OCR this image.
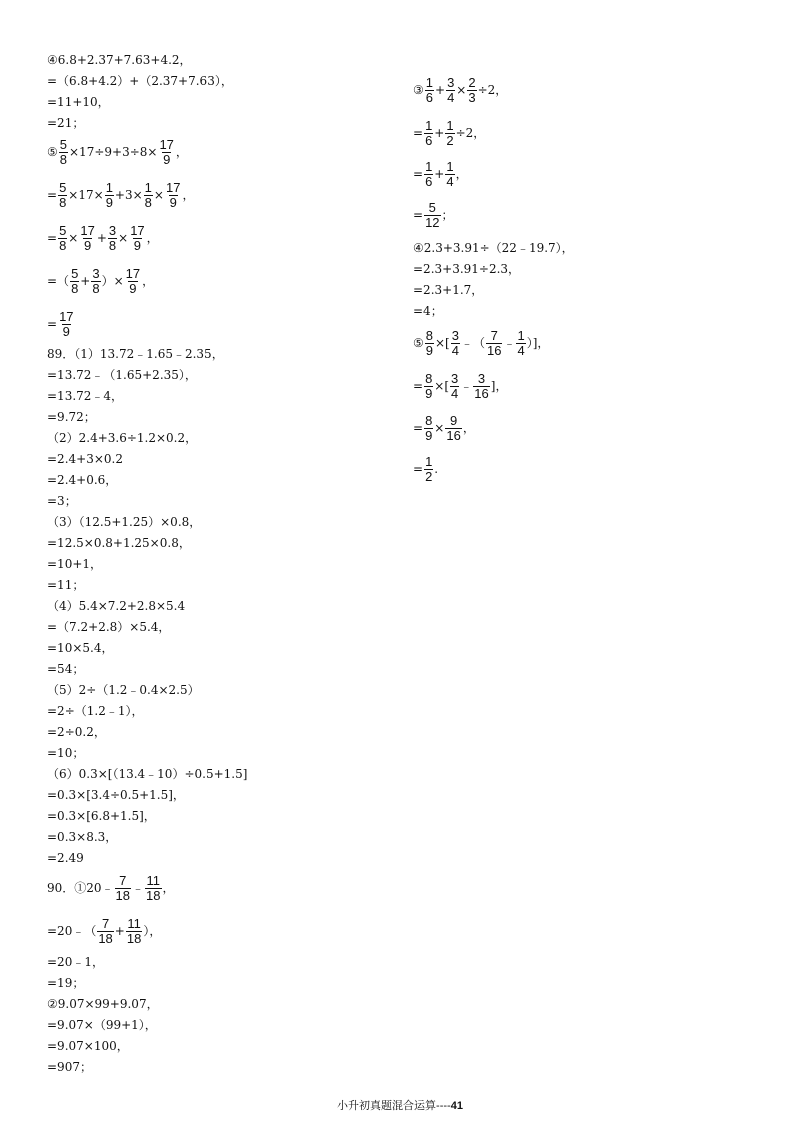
④6.8+2.37+7.63+4.2，
=（6.8+4.2）+（2.37+7.63），
=11+10，
=21；
⑤ $\frac{5}{8} \times 17\div 9+3\div 8\times \frac{17}{9}$ ，
= $\frac{5}{8} \times 17\times \frac{1}{9} +3\times \frac{1}{8} \times \frac{17}{9}$ ，
= $\frac{5}{8} \times \frac{17}{9} + \frac{3}{8} \times \frac{17}{9}$ ，
=（ $\frac{5}{8} + \frac{3}{8}$ ）× $\frac{17}{9}$ ，
= $\frac{17}{9}$
89．（1）13.72﹣1.65﹣2.35，
=13.72﹣（1.65+2.35），
=13.72﹣4，
=9.72；
（2）2.4+3.6÷1.2×0.2，
=2.4+3×0.2
=2.4+0.6，
=3；
（3）（12.5+1.25）×0.8，
=12.5×0.8+1.25×0.8，
=10+1，
=11；
（4）5.4×7.2+2.8×5.4
=（7.2+2.8）×5.4，
=10×5.4，
=54；
（5）2÷（1.2﹣0.4×2.5）
=2÷（1.2﹣1），
=2÷0.2，
=10；
（6）0.3×[（13.4﹣10）÷0.5+1.5]
=0.3×[3.4÷0.5+1.5]，
=0.3×[6.8+1.5]，
=0.3×8.3，
=2.49
90．①20﹣ $\frac{7}{18}$ ﹣ $\frac{11}{18}$ ，
=20﹣（ $\frac{7}{18} + \frac{11}{18}$ ），
=20﹣1，
=19；
②9.07×99+9.07，
=9.07×（99+1），
=9.07×100，
=907；
③ $\frac{1}{6} + \frac{3}{4} \times \frac{2}{3} \div 2$，
= $\frac{1}{6} + \frac{1}{2} \div 2$，
= $\frac{1}{6} + \frac{1}{4}$ ，
= $\frac{5}{12}$ ；
④2.3+3.91÷（22﹣19.7），
=2.3+3.91÷2.3，
=2.3+1.7，
=4；
⑤ $\frac{8}{9}$ ×[ $\frac{3}{4}$ ﹣（ $\frac{7}{16}$ ﹣ $\frac{1}{4}$ ）]，
= $\frac{8}{9}$ ×[ $\frac{3}{4}$ ﹣ $\frac{3}{16}$ ]，
= $\frac{8}{9} \times \frac{9}{16}$ ，
= $\frac{1}{2}$ .
小升初真题混合运算----41
